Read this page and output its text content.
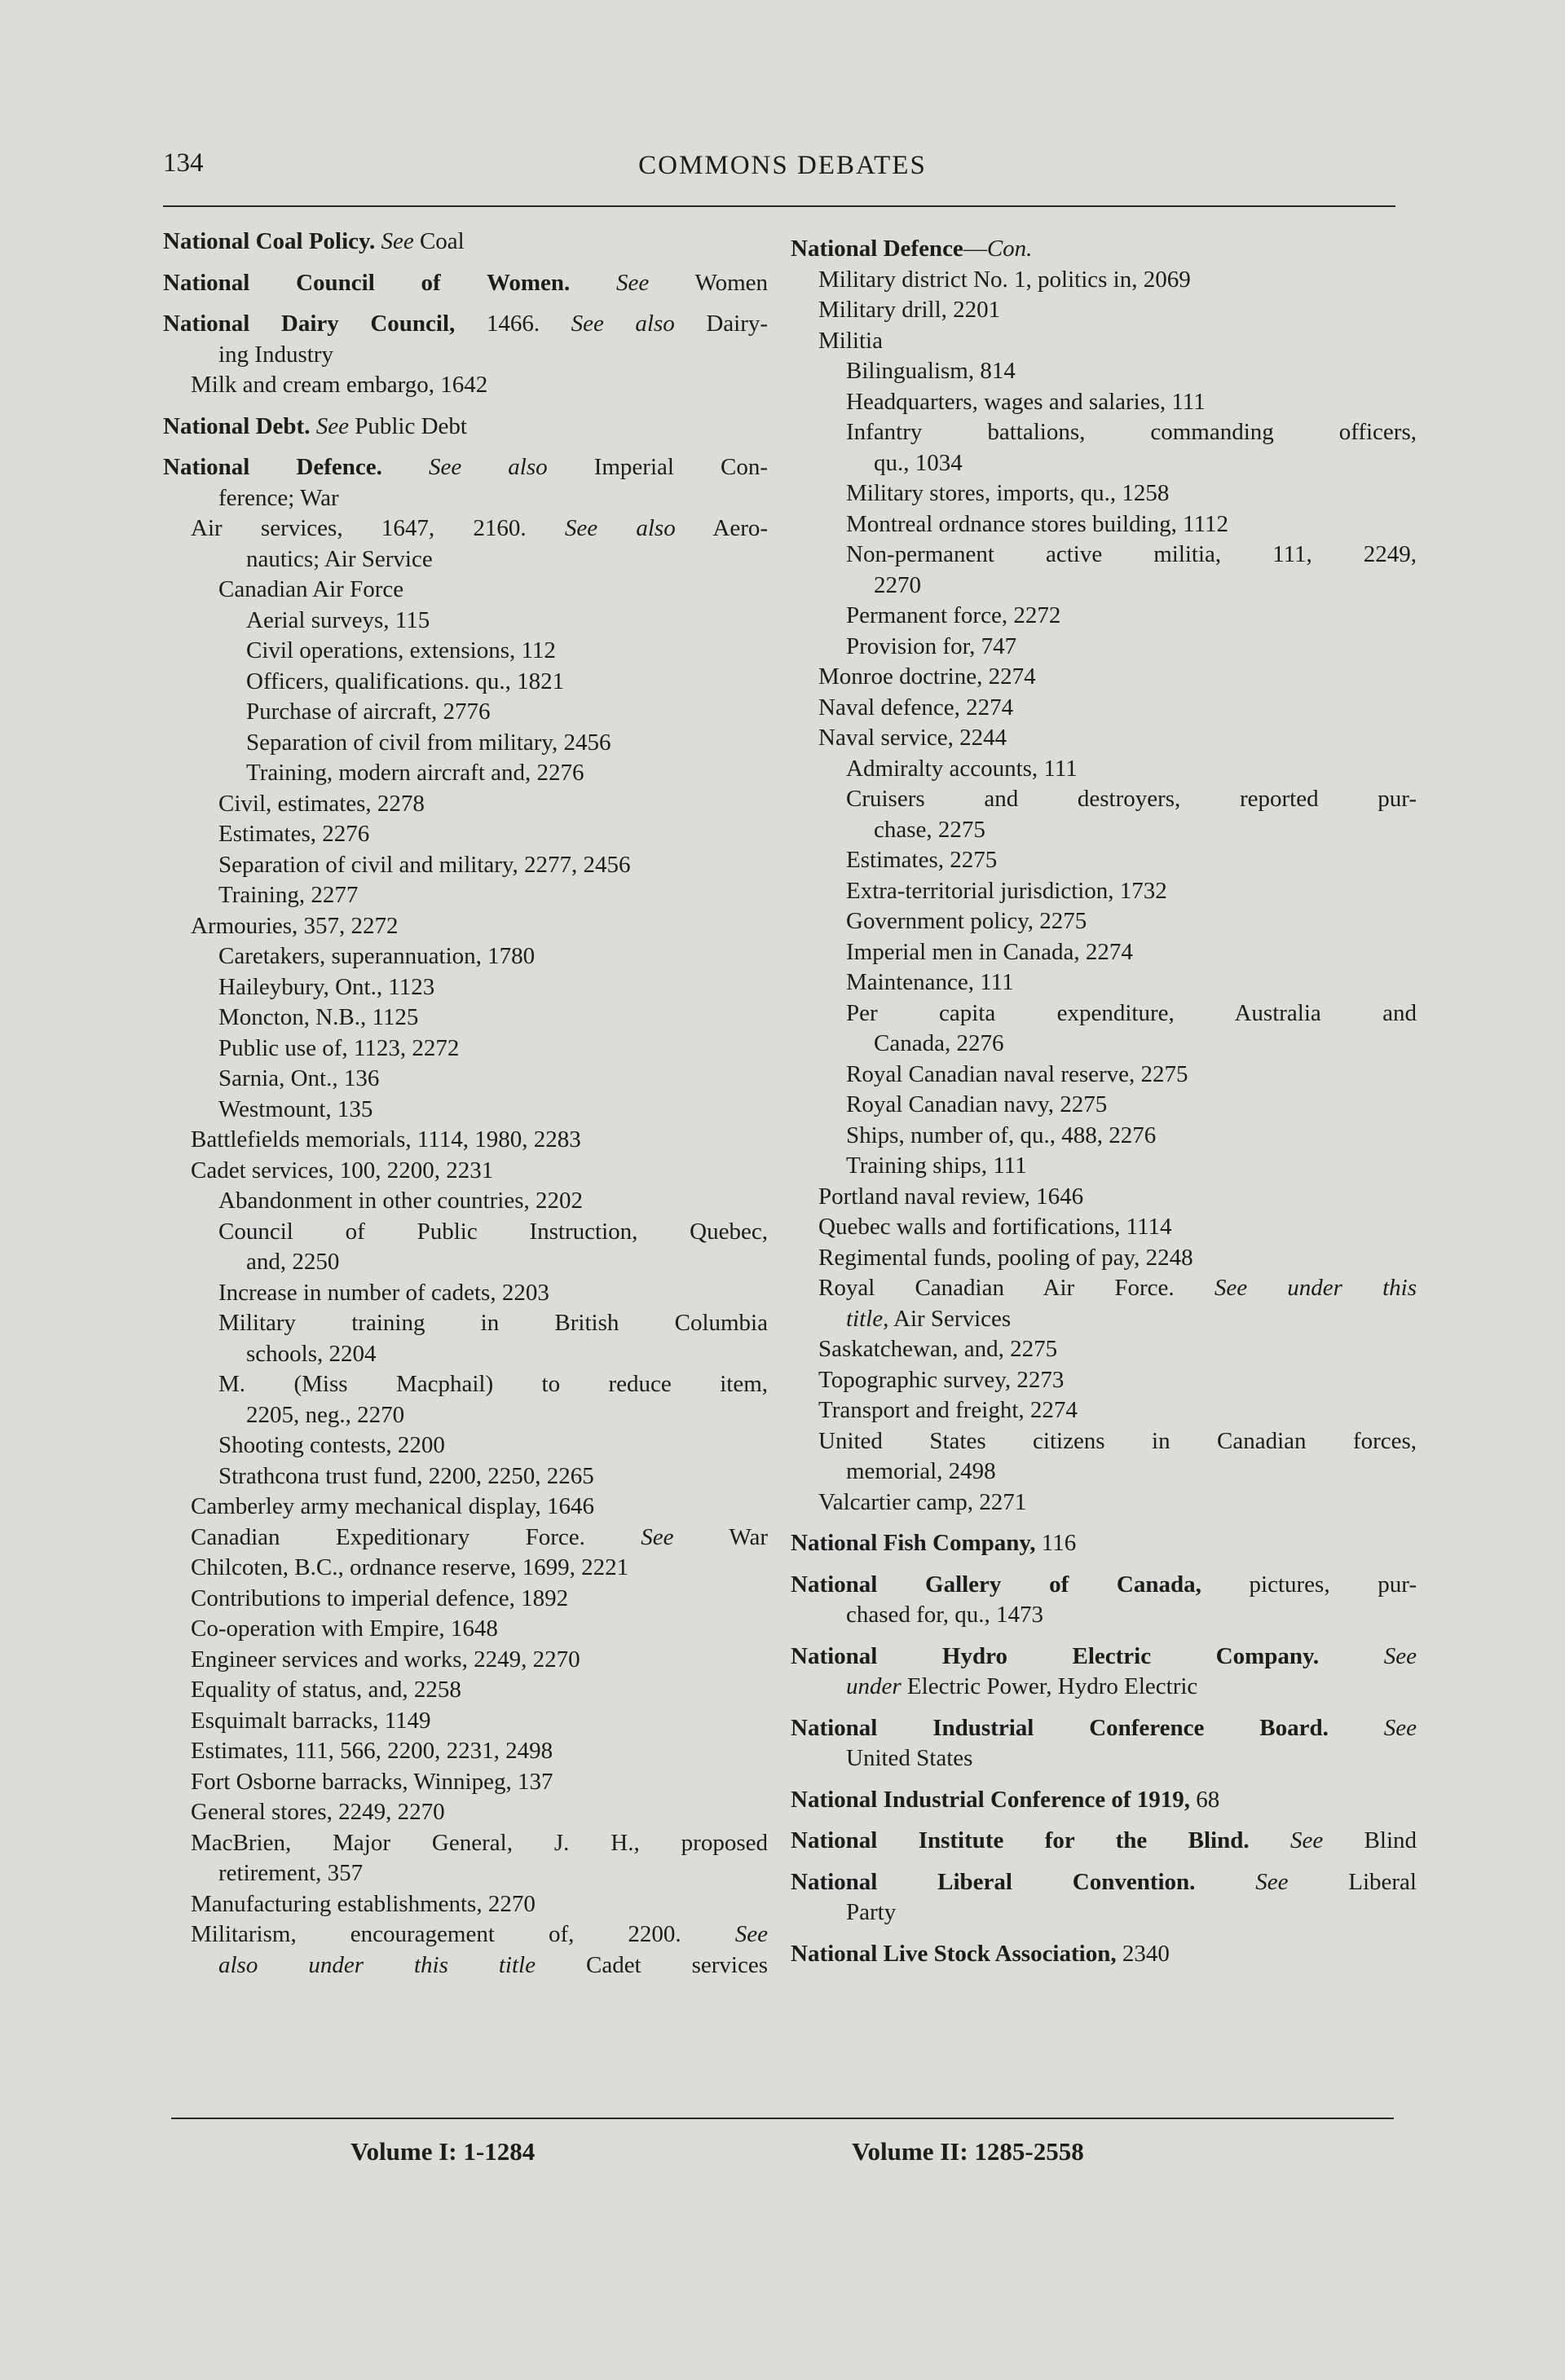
134	COMMONS DEBATES
National Coal Policy. See Coal
National Council of Women. See Women
National Dairy Council, 1466. See also Dairy-
ing Industry
Milk and cream embargo, 1642
National Debt. See Public Debt
National Defence. See also Imperial Con-
ference; War
Air services, 1647, 2160. See also Aero-
nautics; Air Service
Canadian Air Force
Aerial surveys, 115
Civil operations, extensions, 112
Officers, qualifications. qu., 1821
Purchase of aircraft, 2776
Separation of civil from military, 2456
Training, modern aircraft and, 2276
Civil, estimates, 2278
Estimates, 2276
Separation of civil and military, 2277, 2456
Training, 2277
Armouries, 357, 2272
Caretakers, superannuation, 1780
Haileybury, Ont., 1123
Moncton, N.B., 1125
Public use of, 1123, 2272
Sarnia, Ont., 136
Westmount, 135
Battlefields memorials, 1114, 1980, 2283
Cadet services, 100, 2200, 2231
Abandonment in other countries, 2202
Council of Public Instruction, Quebec,
and, 2250
Increase in number of cadets, 2203
Military training in British Columbia
schools, 2204
M. (Miss Macphail) to reduce item,
2205, neg., 2270
Shooting contests, 2200
Strathcona trust fund, 2200, 2250, 2265
Camberley army mechanical display, 1646
Canadian Expeditionary Force. See War
Chilcoten, B.C., ordnance reserve, 1699, 2221
Contributions to imperial defence, 1892
Co-operation with Empire, 1648
Engineer services and works, 2249, 2270
Equality of status, and, 2258
Esquimalt barracks, 1149
Estimates, 111, 566, 2200, 2231, 2498
Fort Osborne barracks, Winnipeg, 137
General stores, 2249, 2270
MacBrien, Major General, J. H., proposed
retirement, 357
Manufacturing establishments, 2270
Militarism, encouragement of, 2200. See
also under this title Cadet services
National Defence—Con.
Military district No. 1, politics in, 2069
Military drill, 2201
Militia
Bilingualism, 814
Headquarters, wages and salaries, 111
Infantry battalions, commanding officers,
qu., 1034
Military stores, imports, qu., 1258
Montreal ordnance stores building, 1112
Non-permanent active militia, 111, 2249,
2270
Permanent force, 2272
Provision for, 747
Monroe doctrine, 2274
Naval defence, 2274
Naval service, 2244
Admiralty accounts, 111
Cruisers and destroyers, reported pur-
chase, 2275
Estimates, 2275
Extra-territorial jurisdiction, 1732
Government policy, 2275
Imperial men in Canada, 2274
Maintenance, 111
Per capita expenditure, Australia and
Canada, 2276
Royal Canadian naval reserve, 2275
Royal Canadian navy, 2275
Ships, number of, qu., 488, 2276
Training ships, 111
Portland naval review, 1646
Quebec walls and fortifications, 1114
Regimental funds, pooling of pay, 2248
Royal Canadian Air Force. See under this
title, Air Services
Saskatchewan, and, 2275
Topographic survey, 2273
Transport and freight, 2274
United States citizens in Canadian forces,
memorial, 2498
Valcartier camp, 2271
National Fish Company, 116
National Gallery of Canada, pictures, pur-
chased for, qu., 1473
National Hydro Electric Company.	See
under Electric Power, Hydro Electric
National Industrial Conference Board. See
United States
National Industrial Conference of 1919, 68
National Institute for the Blind. See Blind
National Liberal Convention.	See Liberal
Party
National Live Stock Association, 2340
Volume I: 1-1284	Volume II: 1285-2558
